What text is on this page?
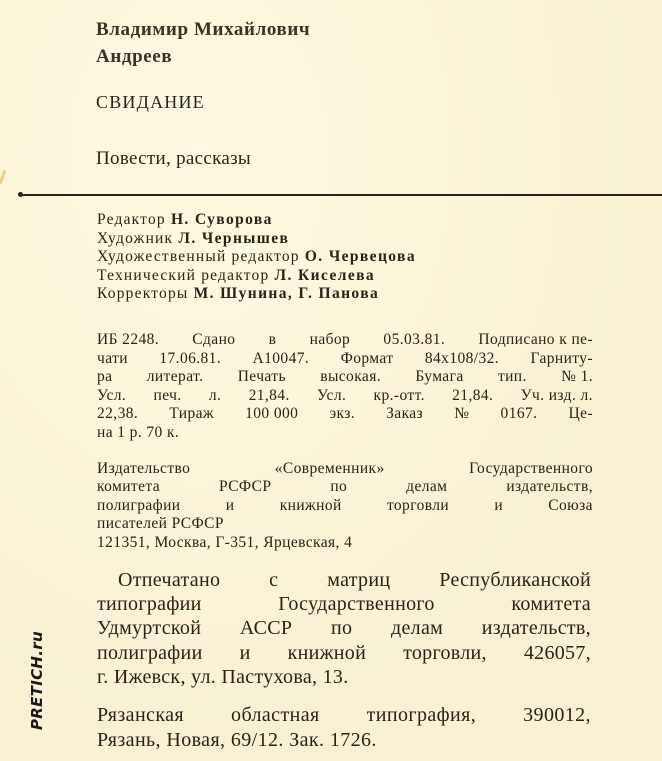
Владимир Михайлович
Андреев
СВИДАНИЕ
Повести, рассказы
Редактор Н. Суворова
Художник Л. Чернышев
Художественный редактор О. Червецова
Технический редактор Л. Киселева
Корректоры М. Шунина, Г. Панова
ИБ 2248. Сдано в набор 05.03.81. Подписано к пе-
чати 17.06.81. А10047. Формат 84x108/32. Гарниту-
ра литерат. Печать высокая. Бумага тип. № 1.
Усл. печ. л. 21,84. Усл. кр.-отт. 21,84. Уч. изд. л.
22,38. Тираж 100 000 экз. Заказ № 0167. Це-
на 1 р. 70 к.
Издательство	«Современник»	Государственного
комитета	РСФСР	по	делам	издательств,
полиграфии	и	книжной	торговли	и	Союза
писателей РСФСР
121351, Москва, Г-351, Ярцевская, 4
Отпечатано с матриц Республиканской
типографии	Государственного	комитета
Удмуртской АССР по делам издательств,
полиграфии и книжной торговли, 426057,
г. Ижевск, ул. Пастухова, 13.
Рязанская областная типография, 390012,
Рязань, Новая, 69/12. Зак. 1726.
PRETICH.ru
